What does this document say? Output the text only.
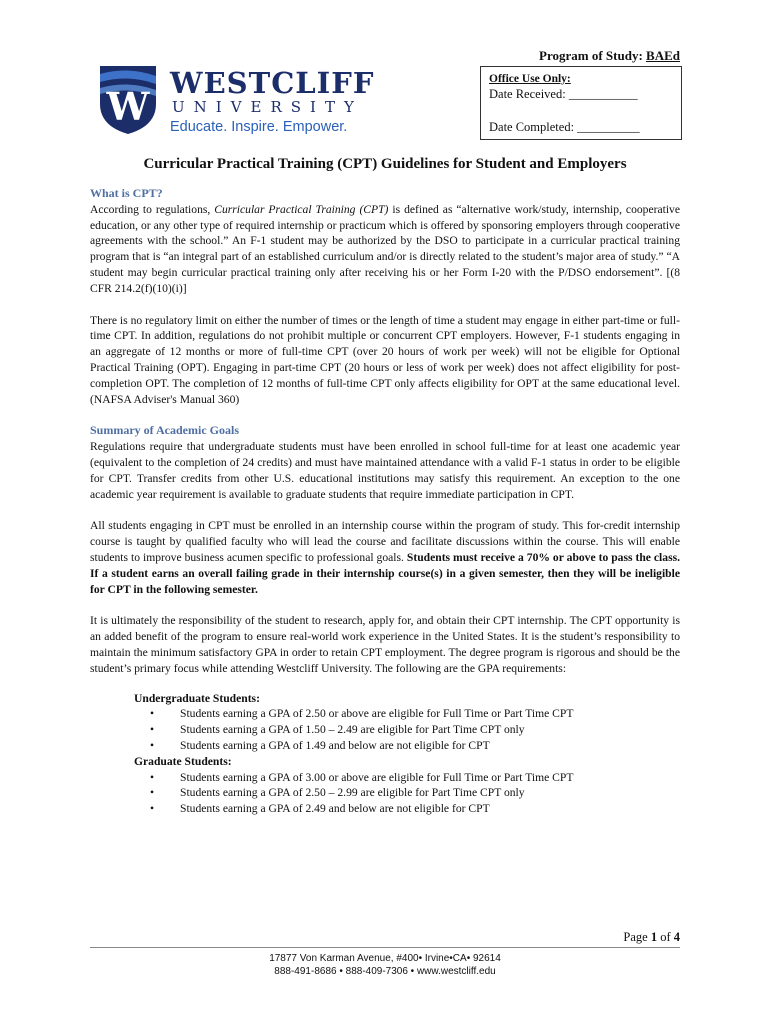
Program of Study: BAEd
Office Use Only:
Date Received: ___________
Date Completed: __________
W
WESTCLIFF
UNIVERSITY
Educate. Inspire. Empower.
Curricular Practical Training (CPT) Guidelines for Student and Employers
What is CPT?

According to regulations, Curricular Practical Training (CPT) is defined as “alternative work/study, internship, cooperative education, or any other type of required internship or practicum which is offered by sponsoring employers through cooperative agreements with the school.” An F-1 student may be authorized by the DSO to participate in a curricular practical training program that is “an integral part of an established curriculum and/or is directly related to the student’s major area of study.” “A student may begin curricular practical training only after receiving his or her Form I-20 with the P/DSO endorsement”. [(8 CFR 214.2(f)(10)(i)]

There is no regulatory limit on either the number of times or the length of time a student may engage in either part-time or full-time CPT. In addition, regulations do not prohibit multiple or concurrent CPT employers. However, F-1 students engaging in an aggregate of 12 months or more of full-time CPT (over 20 hours of work per week) will not be eligible for Optional Practical Training (OPT). Engaging in part-time CPT (20 hours or less of work per week) does not affect eligibility for post-completion OPT. The completion of 12 months of full-time CPT only affects eligibility for OPT at the same educational level. (NAFSA Adviser's Manual 360)

Summary of Academic Goals

Regulations require that undergraduate students must have been enrolled in school full-time for at least one academic year (equivalent to the completion of 24 credits) and must have maintained attendance with a valid F-1 status in order to be eligible for CPT. Transfer credits from other U.S. educational institutions may satisfy this requirement. An exception to the one academic year requirement is available to graduate students that require immediate participation in CPT.

All students engaging in CPT must be enrolled in an internship course within the program of study. This for-credit internship course is taught by qualified faculty who will lead the course and facilitate discussions within the course. This will enable students to improve business acumen specific to professional goals. Students must receive a 70% or above to pass the class. If a student earns an overall failing grade in their internship course(s) in a given semester, then they will be ineligible for CPT in the following semester.

It is ultimately the responsibility of the student to research, apply for, and obtain their CPT internship. The CPT opportunity is an added benefit of the program to ensure real-world work experience in the United States. It is the student’s responsibility to maintain the minimum satisfactory GPA in order to retain CPT employment. The degree program is rigorous and should be the student’s primary focus while attending Westcliff University. The following are the GPA requirements:

Undergraduate Students:
• Students earning a GPA of 2.50 or above are eligible for Full Time or Part Time CPT
• Students earning a GPA of 1.50 – 2.49 are eligible for Part Time CPT only
• Students earning a GPA of 1.49 and below are not eligible for CPT
Graduate Students:
• Students earning a GPA of 3.00 or above are eligible for Full Time or Part Time CPT
• Students earning a GPA of 2.50 – 2.99 are eligible for Part Time CPT only
• Students earning a GPA of 2.49 and below are not eligible for CPT
Page 1 of 4
17877 Von Karman Avenue, #400• Irvine•CA• 92614
888-491-8686 • 888-409-7306 • www.westcliff.edu
